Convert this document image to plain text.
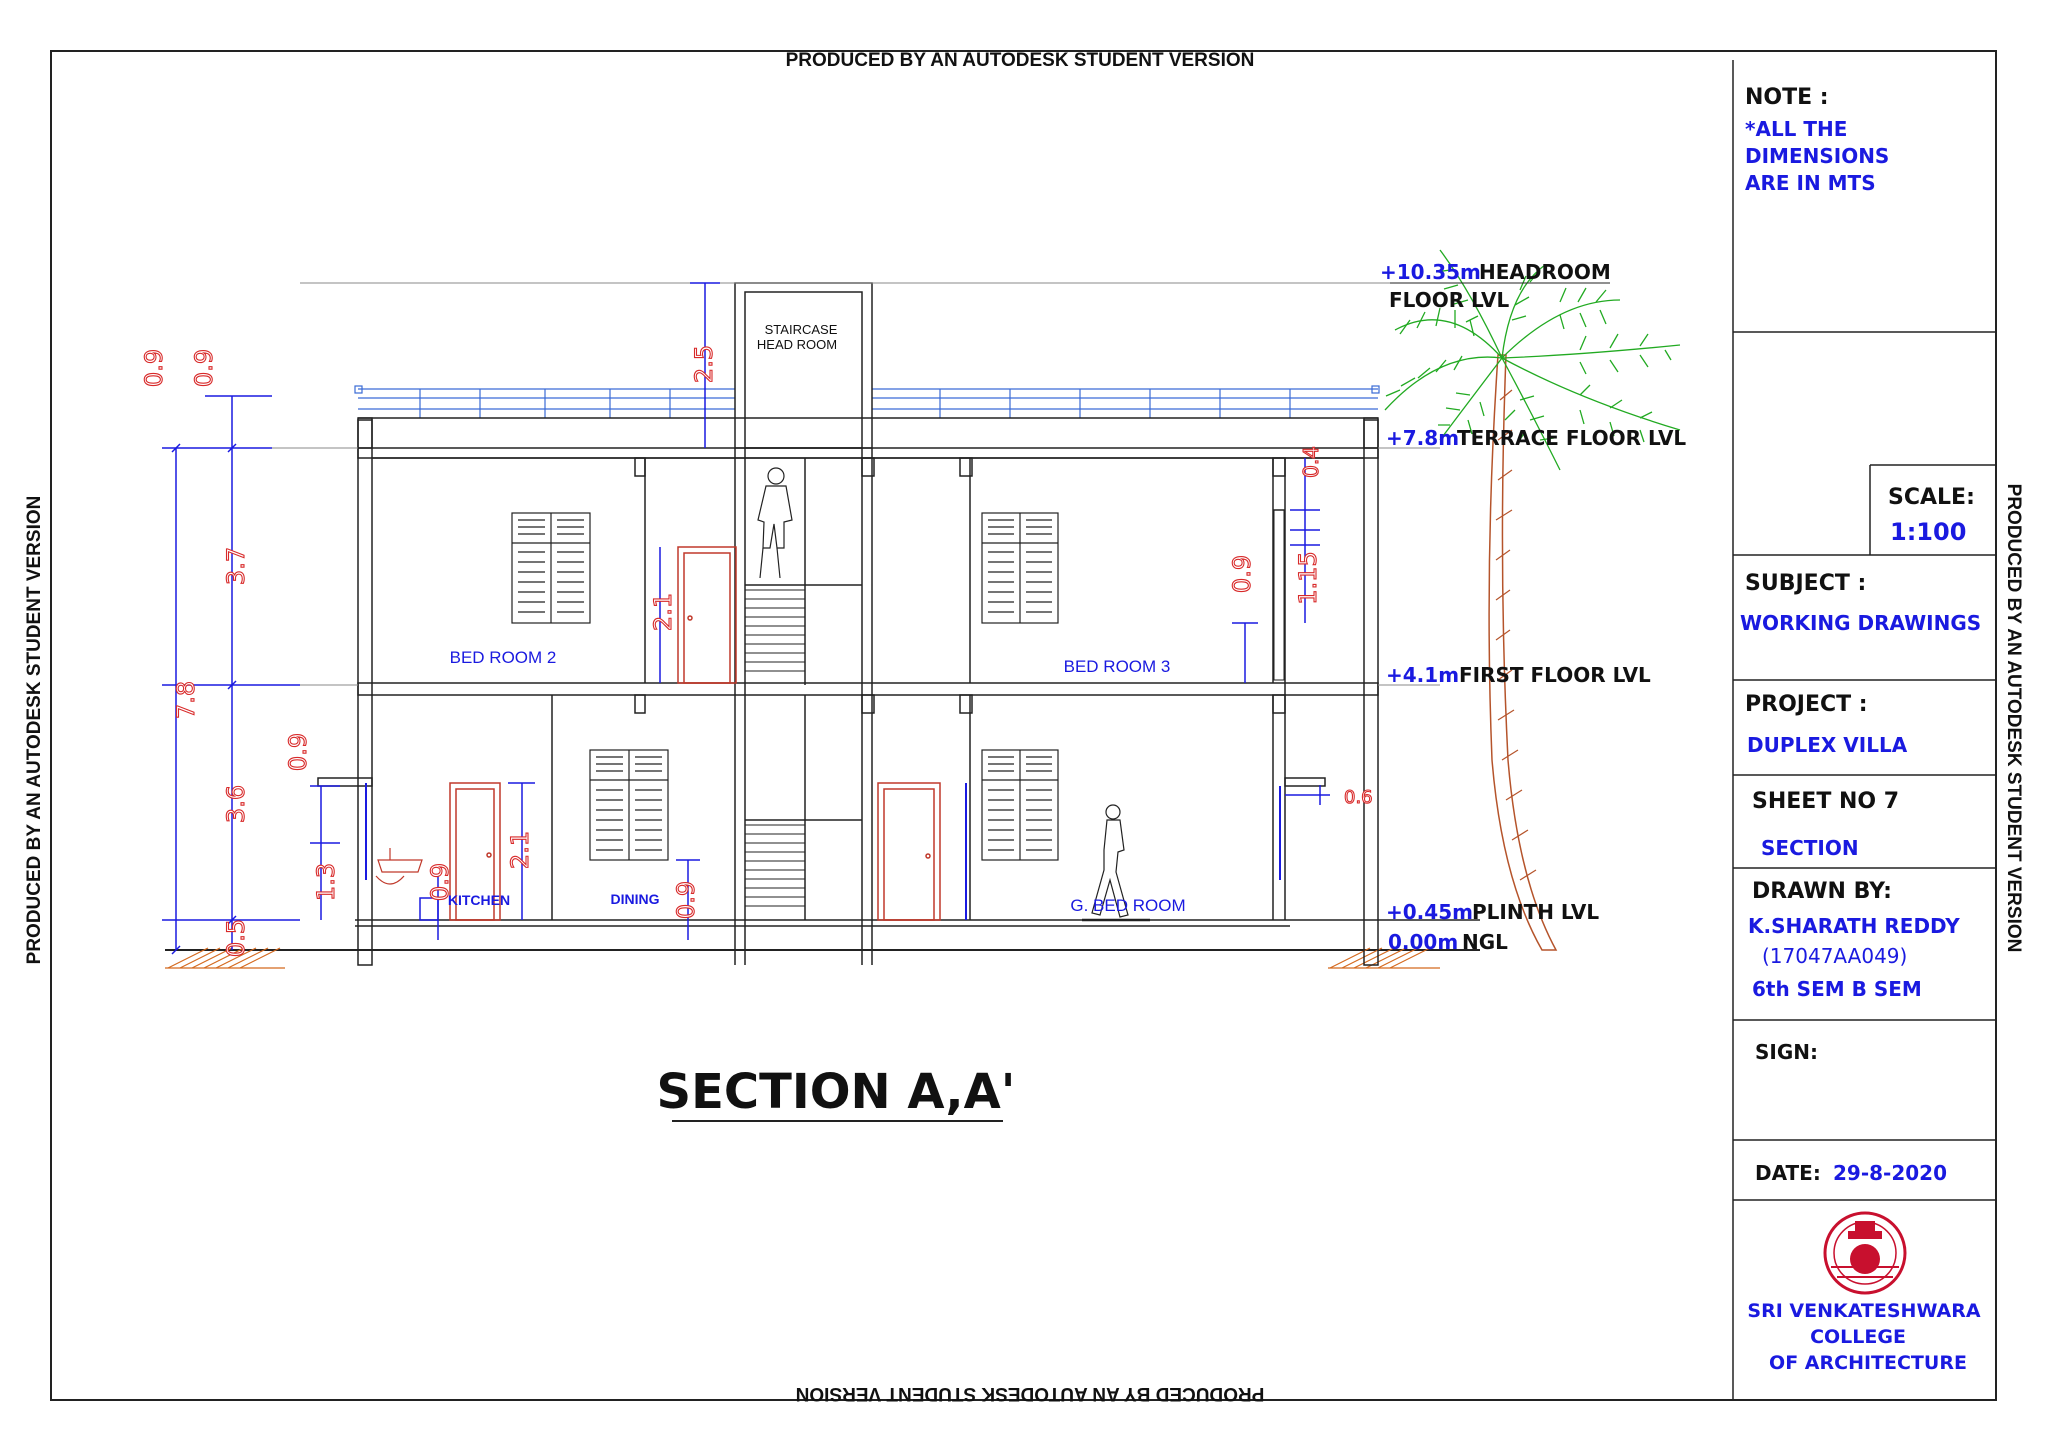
PRODUCED BY AN AUTODESK STUDENT VERSION
PRODUCED BY AN AUTODESK STUDENT VERSION	PRODUCED BY AN AUTODESK STUDENT VERSION
PRODUCED BY AN AUTODESK STUDENT VERSION
NOTE :
*ALL THE
DIMENSIONS
ARE IN MTS
SCALE:
1:100
SUBJECT :
WORKING DRAWINGS
PROJECT :
DUPLEX VILLA
SHEET NO 7
SECTION
DRAWN BY:
K.SHARATH REDDY
(17047AA049)
6th SEM B SEM
SIGN:
DATE: 29-8-2020
SRI VENKATESHWARA
COLLEGE
OF ARCHITECTURE
+10.35m
HEADROOM
FLOOR LVL
+7.8m
TERRACE FLOOR LVL
+4.1m FIRST FLOOR LVL
+0.45m PLINTH LVL
0.00m NGL
STAIRCASE
HEAD ROOM
BED ROOM 2	BED ROOM 3
KITCHEN	DINING	G. BED ROOM
7.8
3.7
3.6
0.5
0.9 0.9
0.9
1.3	0.9
2.1
0.9
2.1
2.5
0.9 1.15
0.4
0.6
SECTION A,A'
